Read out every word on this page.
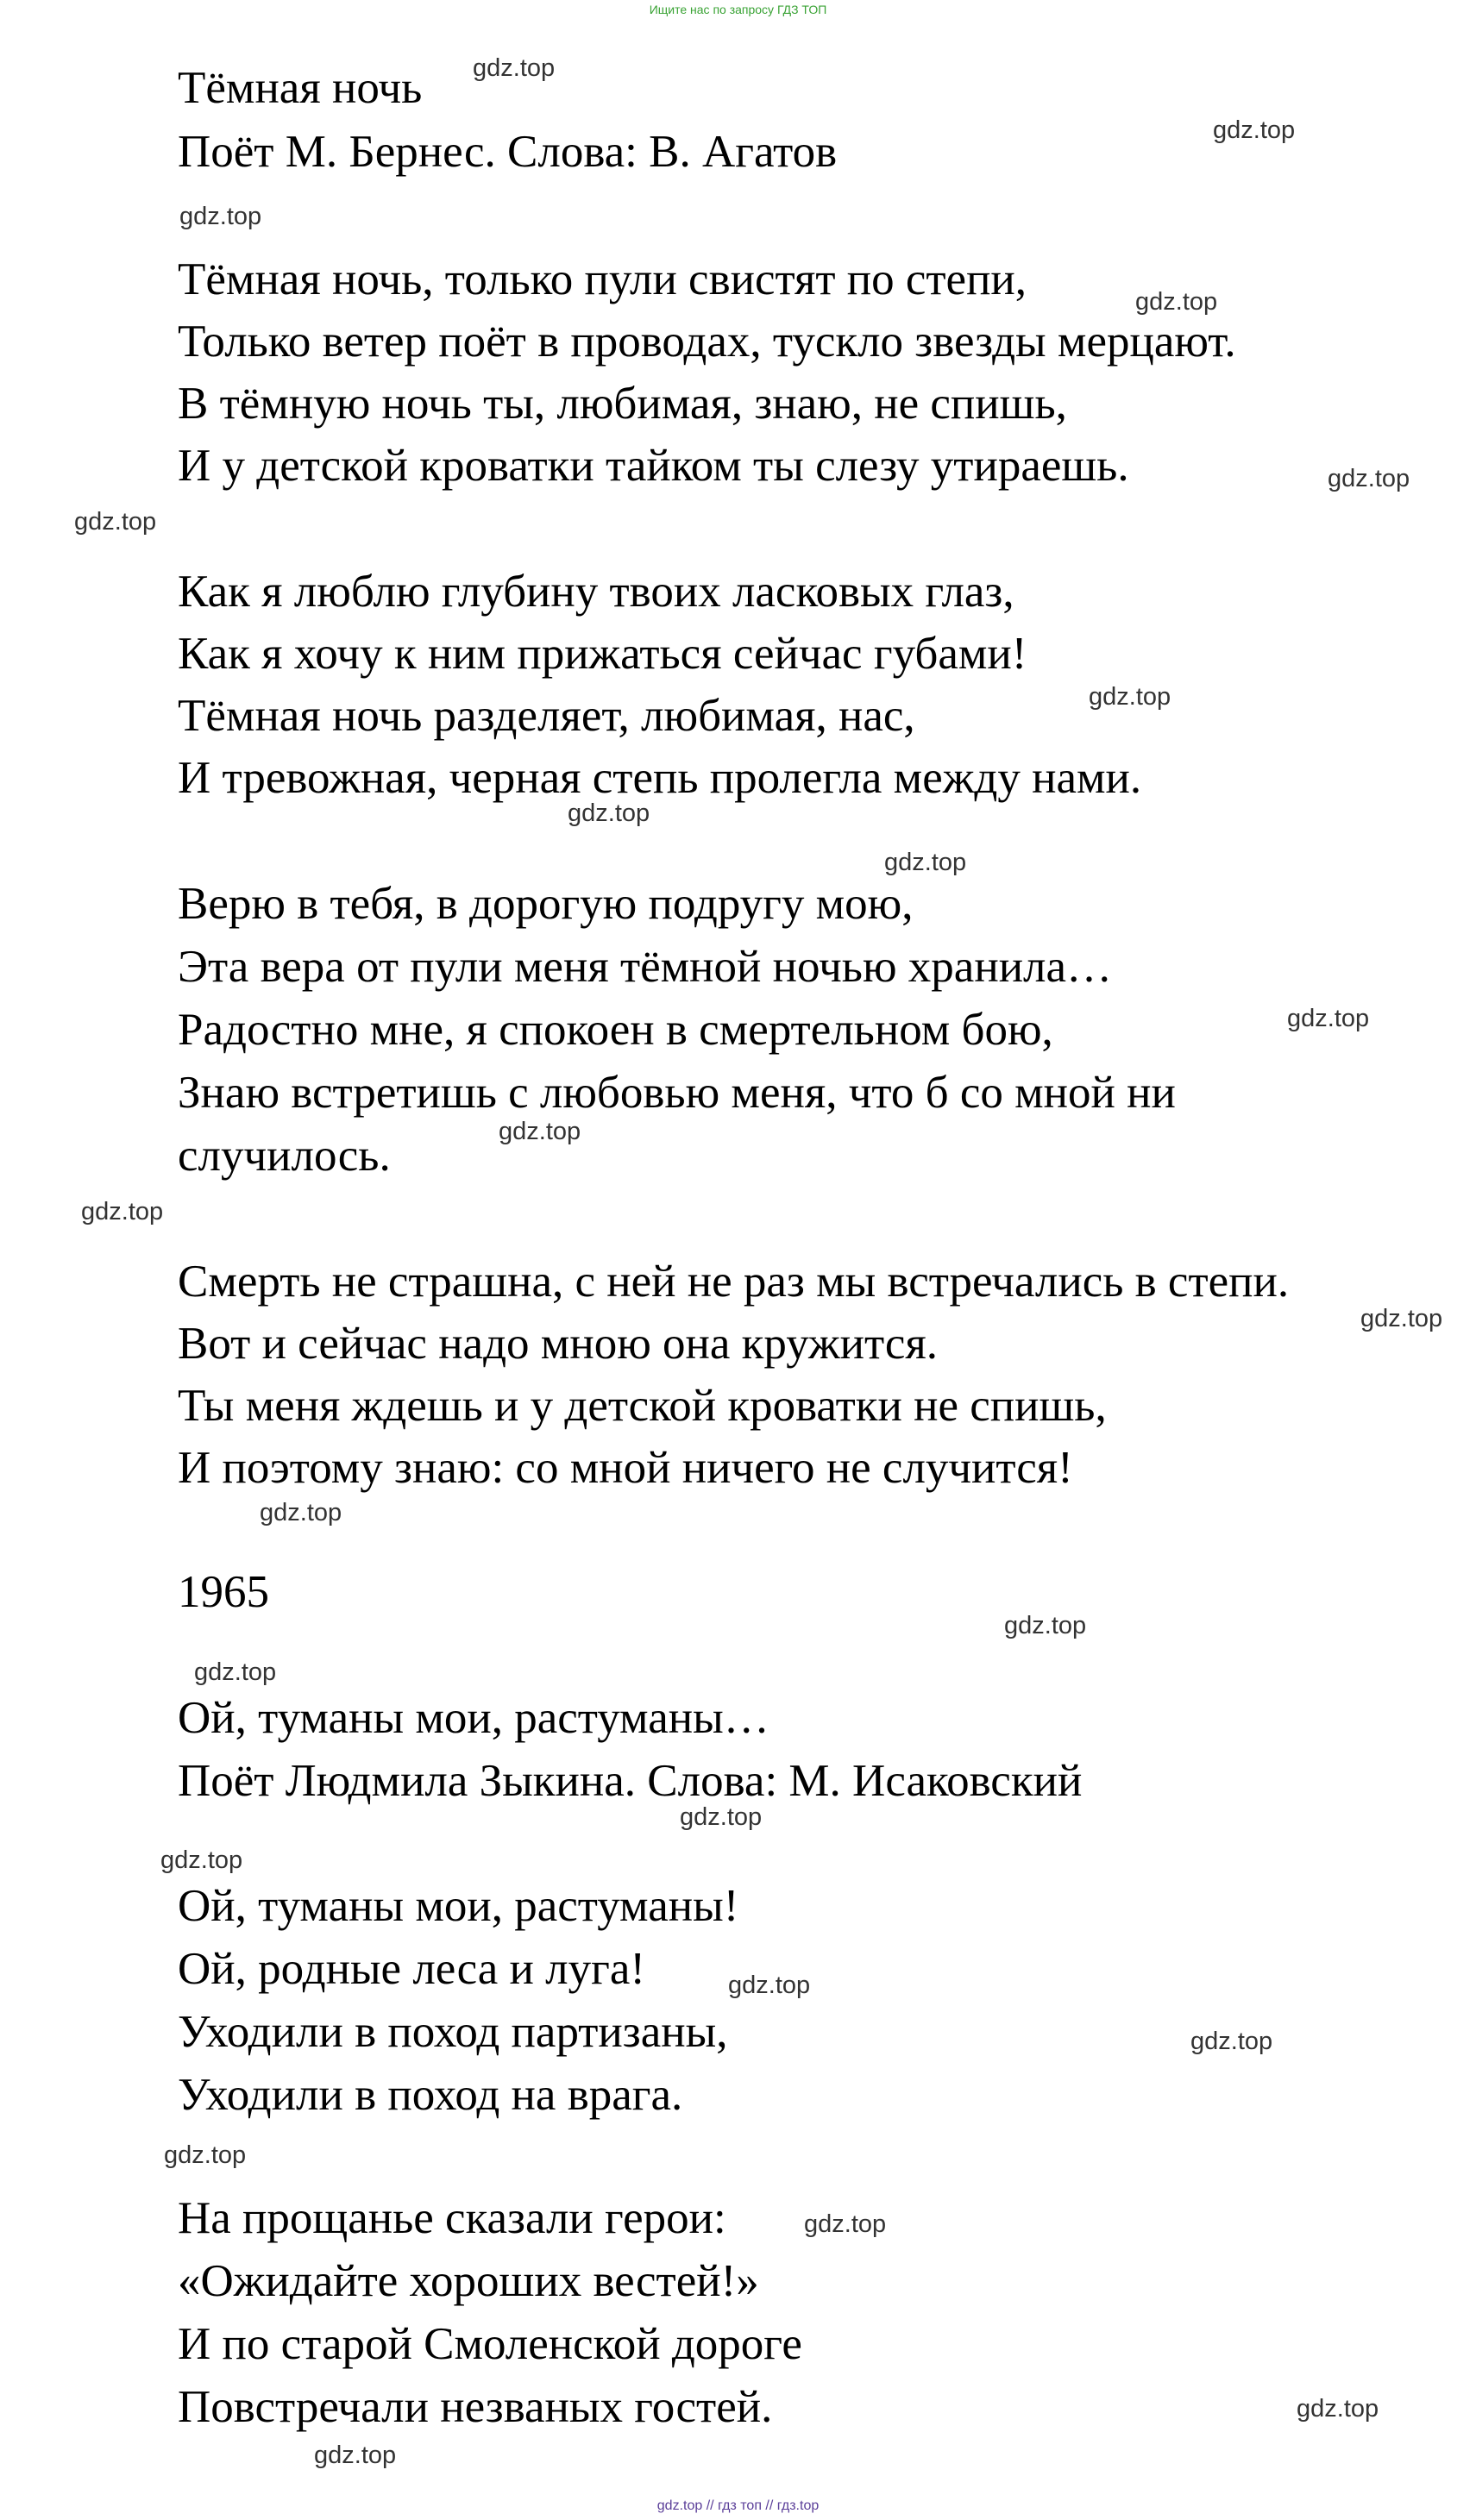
Ищите нас по запросу ГДЗ ТОП

Тёмная ночь

Поёт М. Бернес. Слова: В. Агатов

Тёмная ночь, только пули свистят по степи,

Только ветер поёт в проводах, тускло звезды мерцают.

В тёмную ночь ты, любимая, знаю, не спишь,

И у детской кроватки тайком ты слезу утираешь.

Как я люблю глубину твоих ласковых глаз,

Как я хочу к ним прижаться сейчас губами!

Тёмная ночь разделяет, любимая, нас,

И тревожная, черная степь пролегла между нами.

Верю в тебя, в дорогую подругу мою,

Эта вера от пули меня тёмной ночью хранила…

Радостно мне, я спокоен в смертельном бою,

Знаю встретишь с любовью меня, что б со мной ни

случилось.

Смерть не страшна, с ней не раз мы встречались в степи.

Вот и сейчас надо мною она кружится.

Ты меня ждешь и у детской кроватки не спишь,

И поэтому знаю: со мной ничего не случится!

1965

Ой, туманы мои, растуманы…

Поёт Людмила Зыкина. Слова: М. Исаковский

Ой, туманы мои, растуманы!

Ой, родные леса и луга!

Уходили в поход партизаны,

Уходили в поход на врага.

На прощанье сказали герои:

«Ожидайте хороших вестей!»

И по старой Смоленской дороге

Повстречали незваных гостей.

gdz.top
gdz.top
gdz.top
gdz.top
gdz.top
gdz.top
gdz.top
gdz.top
gdz.top
gdz.top
gdz.top
gdz.top
gdz.top
gdz.top
gdz.top
gdz.top
gdz.top
gdz.top
gdz.top
gdz.top
gdz.top
gdz.top
gdz.top
gdz.top
gdz.top // гдз топ // гдз.top
